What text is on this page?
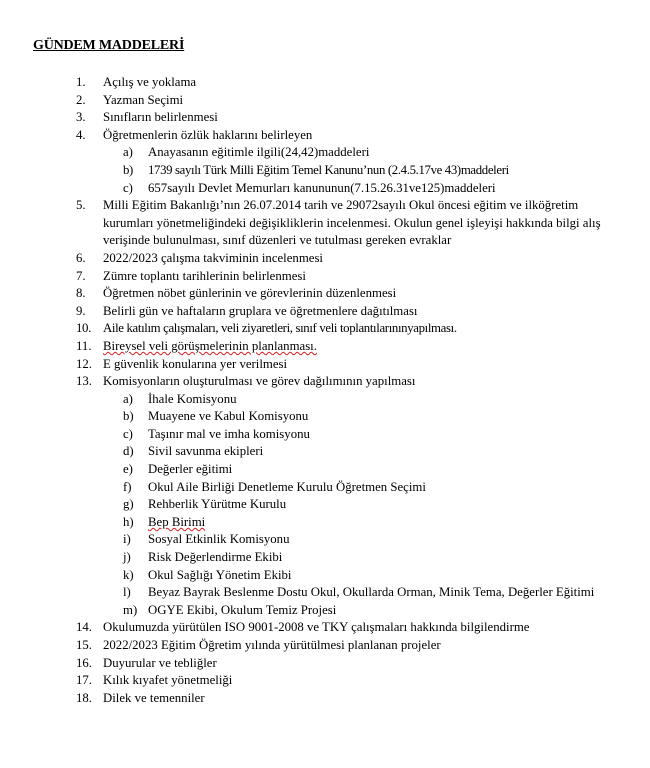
GÜNDEM MADDELERİ
1. Açılış ve yoklama
2. Yazman Seçimi
3. Sınıfların belirlenmesi
4. Öğretmenlerin özlük haklarını belirleyen
a) Anayasanın eğitimle ilgili(24,42)maddeleri
b) 1739 sayılı Türk Milli Eğitim Temel Kanunu’nun (2.4.5.17ve 43)maddeleri
c) 657sayılı Devlet Memurları kanununun(7.15.26.31ve125)maddeleri
5. Milli Eğitim Bakanlığı’nın 26.07.2014 tarih ve 29072sayılı Okul öncesi eğitim ve ilköğretim kurumları yönetmeliğindeki değişikliklerin incelenmesi. Okulun genel işleyişi hakkında bilgi alış verişinde bulunulması, sınıf düzenleri ve tutulması gereken evraklar
6. 2022/2023 çalışma takviminin incelenmesi
7. Zümre toplantı tarihlerinin belirlenmesi
8. Öğretmen nöbet günlerinin ve görevlerinin düzenlenmesi
9. Belirli gün ve haftaların gruplara ve öğretmenlere dağıtılması
10. Aile katılım çalışmaları, veli ziyaretleri, sınıf veli toplantılarınınyapılması.
11. Bireysel veli görüşmelerinin planlanması.
12. E güvenlik konularına yer verilmesi
13. Komisyonların oluşturulması ve görev dağılımının yapılması
a) İhale Komisyonu
b) Muayene ve Kabul Komisyonu
c) Taşınır mal ve imha komisyonu
d) Sivil savunma ekipleri
e) Değerler eğitimi
f) Okul Aile Birliği Denetleme Kurulu Öğretmen Seçimi
g) Rehberlik Yürütme Kurulu
h) Bep Birimi
i) Sosyal Etkinlik Komisyonu
j) Risk Değerlendirme Ekibi
k) Okul Sağlığı Yönetim Ekibi
l) Beyaz Bayrak Beslenme Dostu Okul, Okullarda Orman, Minik Tema, Değerler Eğitimi
m) OGYE Ekibi, Okulum Temiz Projesi
14. Okulumuzda yürütülen ISO 9001-2008 ve TKY çalışmaları hakkında bilgilendirme
15. 2022/2023 Eğitim Öğretim yılında yürütülmesi planlanan projeler
16. Duyurular ve tebliğler
17. Kılık kıyafet yönetmeliği
18. Dilek ve temenniler
